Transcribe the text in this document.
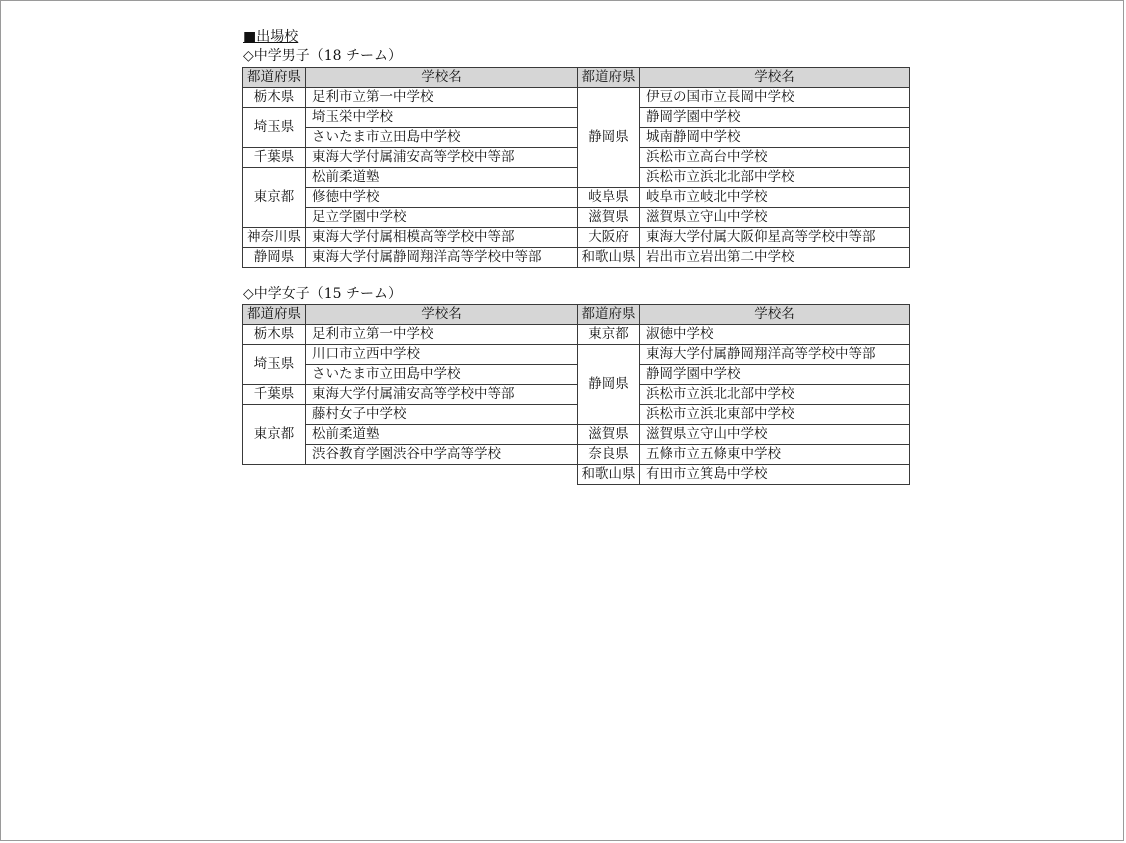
■出場校
◇中学男子（18 チーム）
都道府県	学校名	都道府県	学校名
栃木県	足利市立第一中学校	静岡県	伊豆の国市立長岡中学校
埼玉県	埼玉栄中学校		静岡学園中学校
	さいたま市立田島中学校		城南静岡中学校
千葉県	東海大学付属浦安高等学校中等部		浜松市立高台中学校
東京都	松前柔道塾		浜松市立浜北北部中学校
	修徳中学校	岐阜県	岐阜市立岐北中学校
	足立学園中学校	滋賀県	滋賀県立守山中学校
神奈川県	東海大学付属相模高等学校中等部	大阪府	東海大学付属大阪仰星高等学校中等部
静岡県	東海大学付属静岡翔洋高等学校中等部	和歌山県	岩出市立岩出第二中学校
◇中学女子（15 チーム）
都道府県	学校名	都道府県	学校名
栃木県	足利市立第一中学校	東京都	淑徳中学校
埼玉県	川口市立西中学校	静岡県	東海大学付属静岡翔洋高等学校中等部
	さいたま市立田島中学校		静岡学園中学校
千葉県	東海大学付属浦安高等学校中等部		浜松市立浜北北部中学校
東京都	藤村女子中学校		浜松市立浜北東部中学校
	松前柔道塾	滋賀県	滋賀県立守山中学校
	渋谷教育学園渋谷中学高等学校	奈良県	五條市立五條東中学校
		和歌山県	有田市立箕島中学校
